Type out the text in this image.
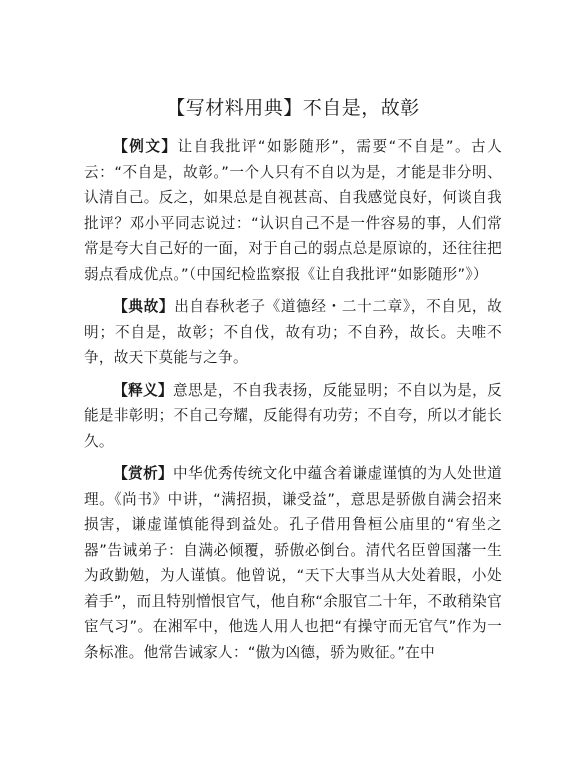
【写材料用典】不自是，故彰

【例文】让自我批评“如影随形”，需要“不自是”。古人云：“不自是，故彰。”一个人只有不自以为是，才能是非分明、认清自己。反之，如果总是自视甚高、自我感觉良好，何谈自我批评？邓小平同志说过：“认识自己不是一件容易的事，人们常常是夸大自己好的一面，对于自己的弱点总是原谅的，还往往把弱点看成优点。”（中国纪检监察报《让自我批评“如影随形”》）

【典故】出自春秋老子《道德经・二十二章》，不自见，故明；不自是，故彰；不自伐，故有功；不自矜，故长。夫唯不争，故天下莫能与之争。

【释义】意思是，不自我表扬，反能显明；不自以为是，反能是非彰明；不自己夸耀，反能得有功劳；不自夸，所以才能长久。

【赏析】中华优秀传统文化中蕴含着谦虚谨慎的为人处世道理。《尚书》中讲，“满招损，谦受益”，意思是骄傲自满会招来损害，谦虚谨慎能得到益处。孔子借用鲁桓公庙里的“宥坐之器”告诫弟子：自满必倾覆，骄傲必倒台。清代名臣曾国藩一生为政勤勉，为人谨慎。他曾说，“天下大事当从大处着眼，小处着手”，而且特别憎恨官气，他自称“余服官二十年，不敢稍染官宦气习”。在湘军中，他选人用人也把“有操守而无官气”作为一条标准。他常告诫家人：“傲为凶德，骄为败征。”在中
